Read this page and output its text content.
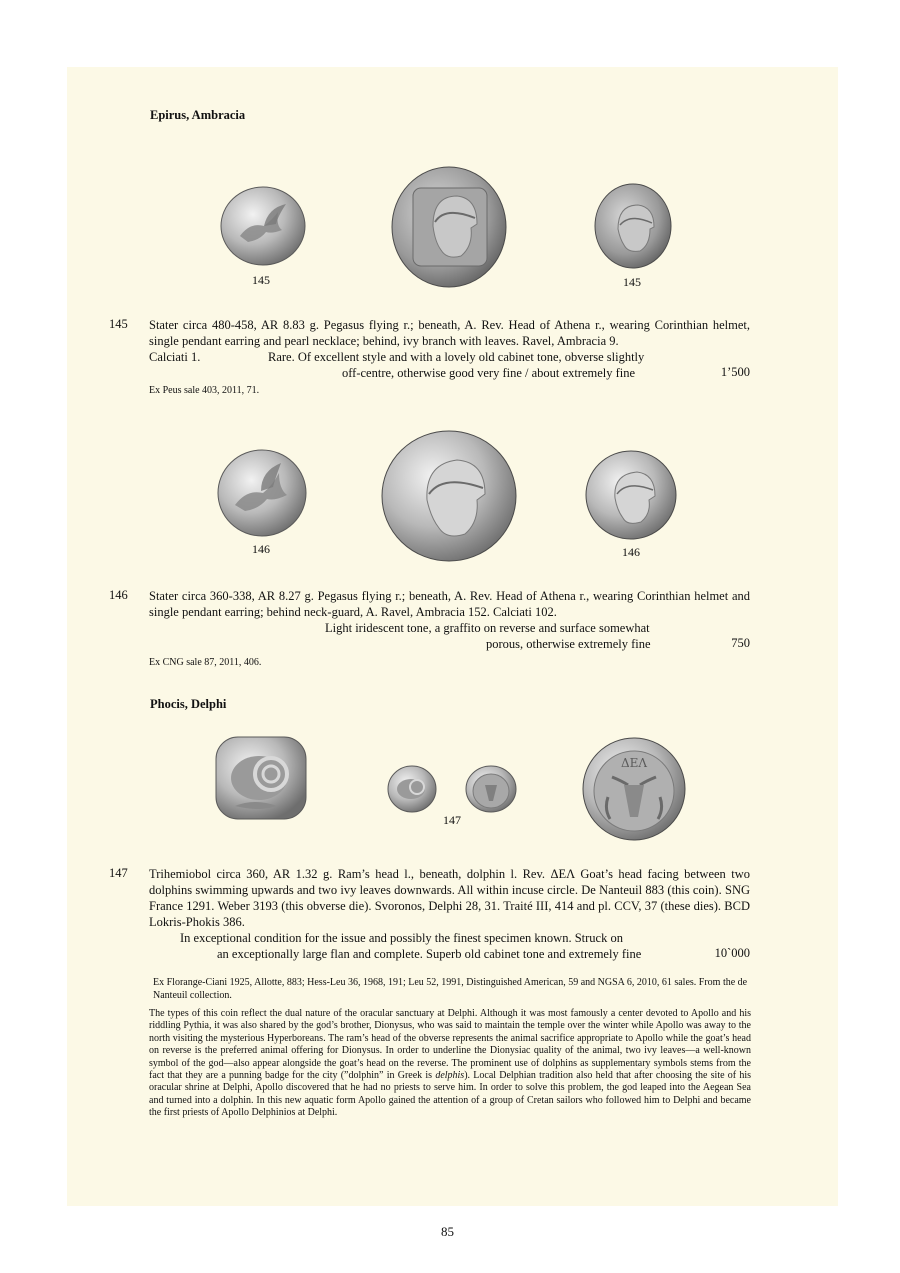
Epirus, Ambracia
145	145
145 Stater circa 480-458, AR 8.83 g. Pegasus flying r.; beneath, A. Rev. Head of Athena r., wearing Corinthian helmet, single pendant earring and pearl necklace; behind, ivy branch with leaves. Ravel, Ambracia 9.
Calciati 1.	Rare. Of excellent style and with a lovely old cabinet tone, obverse slightly
off-centre, otherwise good very fine / about extremely fine	1’500
Ex Peus sale 403, 2011, 71.
146	146
146 Stater circa 360-338, AR 8.27 g. Pegasus flying r.; beneath, A. Rev. Head of Athena r., wearing Corinthian helmet and single pendant earring; behind neck-guard, A. Ravel, Ambracia 152. Calciati 102.
Light iridescent tone, a graffito on reverse and surface somewhat
porous, otherwise extremely fine	750
Ex CNG sale 87, 2011, 406.
Phocis, Delphi
ΔΕΛ
147
147 Trihemiobol circa 360, AR 1.32 g. Ram’s head l., beneath, dolphin l. Rev. ΔΕΛ Goat’s head facing between two dolphins swimming upwards and two ivy leaves downwards. All within incuse circle. De Nanteuil 883 (this coin). SNG France 1291. Weber 3193 (this obverse die). Svoronos, Delphi 28, 31. Traité III, 414 and pl. CCV, 37 (these dies). BCD Lokris-Phokis 386.
In exceptional condition for the issue and possibly the finest specimen known. Struck on
an exceptionally large flan and complete. Superb old cabinet tone and extremely fine	10`000
Ex Florange-Ciani 1925, Allotte, 883; Hess-Leu 36, 1968, 191; Leu 52, 1991, Distinguished American, 59 and NGSA 6, 2010, 61 sales. From the de Nanteuil collection.
The types of this coin reflect the dual nature of the oracular sanctuary at Delphi. Although it was most famously a center devoted to Apollo and his riddling Pythia, it was also shared by the god’s brother, Dionysus, who was said to maintain the temple over the winter while Apollo was away to the north visiting the mysterious Hyperboreans. The ram’s head of the obverse represents the animal sacrifice appropriate to Apollo while the goat’s head on reverse is the preferred animal offering for Dionysus. In order to underline the Dionysiac quality of the animal, two ivy leaves—a well-known symbol of the god—also appear alongside the goat’s head on the reverse. The prominent use of dolphins as supplementary symbols stems from the fact that they are a punning badge for the city (”dolphin” in Greek is delphis). Local Delphian tradition also held that after choosing the site of his oracular shrine at Delphi, Apollo discovered that he had no priests to serve him. In order to solve this problem, the god leaped into the Aegean Sea and turned into a dolphin. In this new aquatic form Apollo gained the attention of a group of Cretan sailors who followed him to Delphi and became the first priests of Apollo Delphinios at Delphi.
85
